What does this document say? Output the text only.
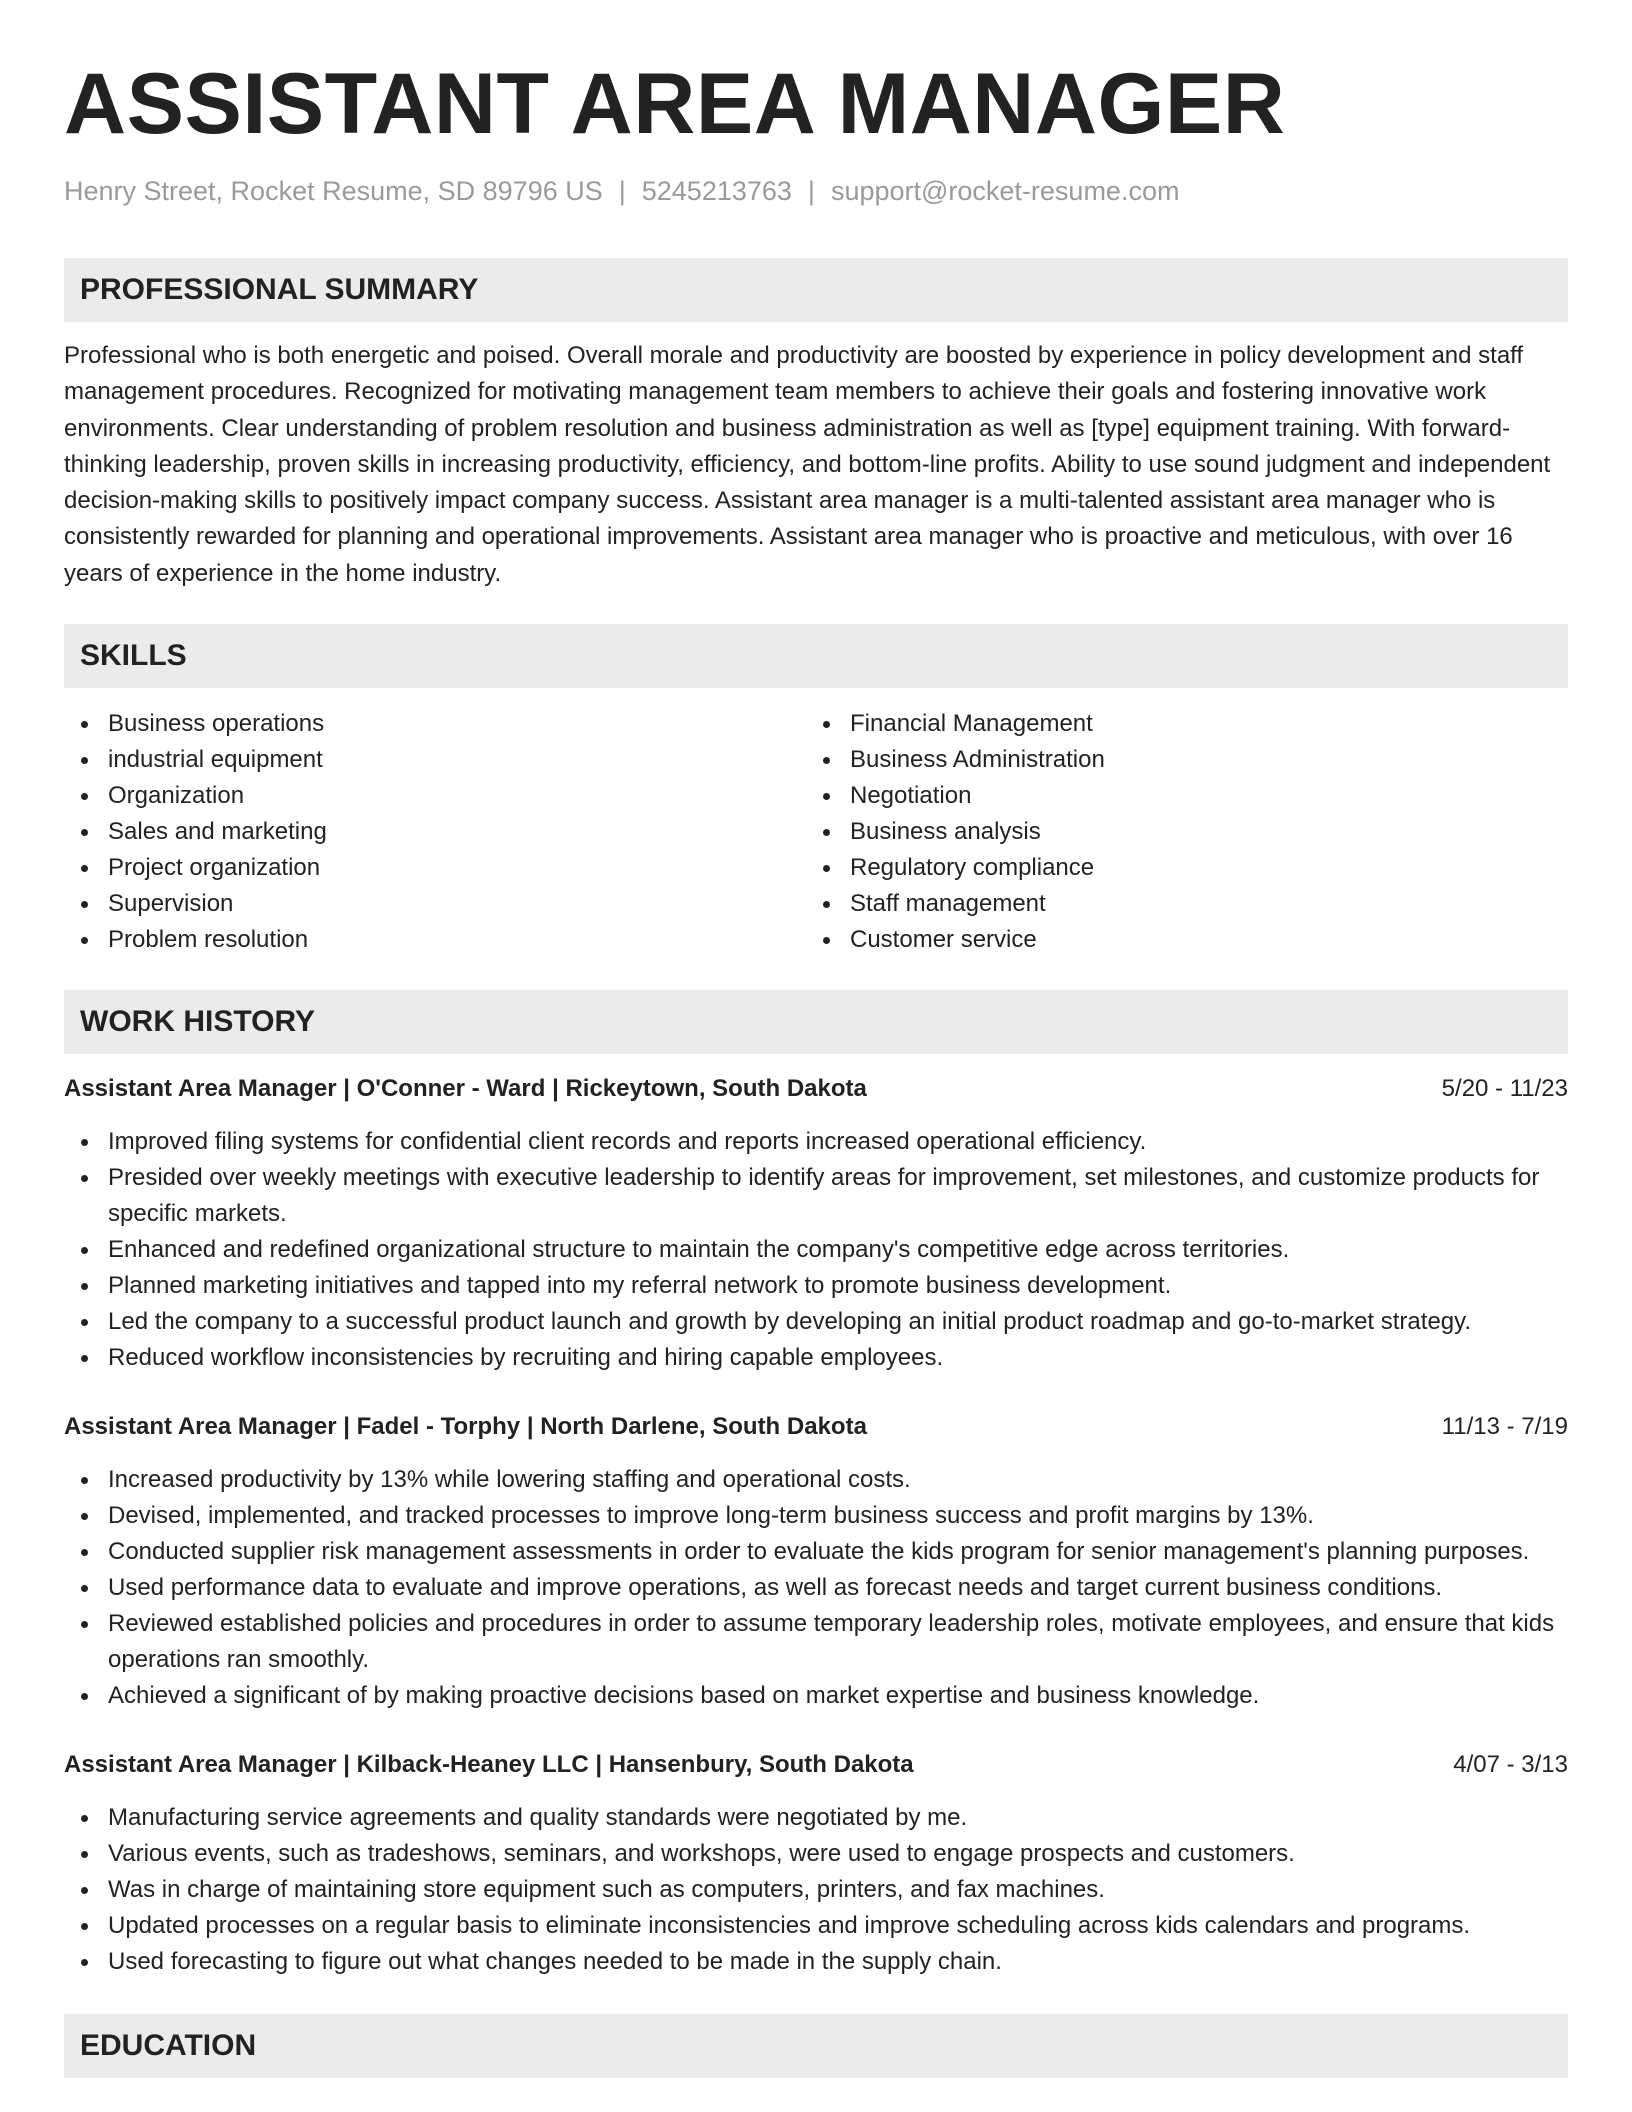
ASSISTANT AREA MANAGER
Henry Street, Rocket Resume, SD 89796 US | 5245213763 | support@rocket-resume.com
PROFESSIONAL SUMMARY

Professional who is both energetic and poised. Overall morale and productivity are boosted by experience in policy development and staff management procedures. Recognized for motivating management team members to achieve their goals and fostering innovative work environments. Clear understanding of problem resolution and business administration as well as [type] equipment training. With forward-thinking leadership, proven skills in increasing productivity, efficiency, and bottom-line profits. Ability to use sound judgment and independent decision-making skills to positively impact company success. Assistant area manager is a multi-talented assistant area manager who is consistently rewarded for planning and operational improvements. Assistant area manager who is proactive and meticulous, with over 16 years of experience in the home industry.

SKILLS
Business operations
industrial equipment
Organization
Sales and marketing
Project organization
Supervision
Problem resolution
Financial Management
Business Administration
Negotiation
Business analysis
Regulatory compliance
Staff management
Customer service
WORK HISTORY
Assistant Area Manager | O'Conner - Ward | Rickeytown, South Dakota	5/20 - 11/23
Improved filing systems for confidential client records and reports increased operational efficiency.
Presided over weekly meetings with executive leadership to identify areas for improvement, set milestones, and customize products for specific markets.
Enhanced and redefined organizational structure to maintain the company's competitive edge across territories.
Planned marketing initiatives and tapped into my referral network to promote business development.
Led the company to a successful product launch and growth by developing an initial product roadmap and go-to-market strategy.
Reduced workflow inconsistencies by recruiting and hiring capable employees.
Assistant Area Manager | Fadel - Torphy | North Darlene, South Dakota	11/13 - 7/19
Increased productivity by 13% while lowering staffing and operational costs.
Devised, implemented, and tracked processes to improve long-term business success and profit margins by 13%.
Conducted supplier risk management assessments in order to evaluate the kids program for senior management's planning purposes.
Used performance data to evaluate and improve operations, as well as forecast needs and target current business conditions.
Reviewed established policies and procedures in order to assume temporary leadership roles, motivate employees, and ensure that kids operations ran smoothly.
Achieved a significant of by making proactive decisions based on market expertise and business knowledge.
Assistant Area Manager | Kilback-Heaney LLC | Hansenbury, South Dakota	4/07 - 3/13
Manufacturing service agreements and quality standards were negotiated by me.
Various events, such as tradeshows, seminars, and workshops, were used to engage prospects and customers.
Was in charge of maintaining store equipment such as computers, printers, and fax machines.
Updated processes on a regular basis to eliminate inconsistencies and improve scheduling across kids calendars and programs.
Used forecasting to figure out what changes needed to be made in the supply chain.
EDUCATION
